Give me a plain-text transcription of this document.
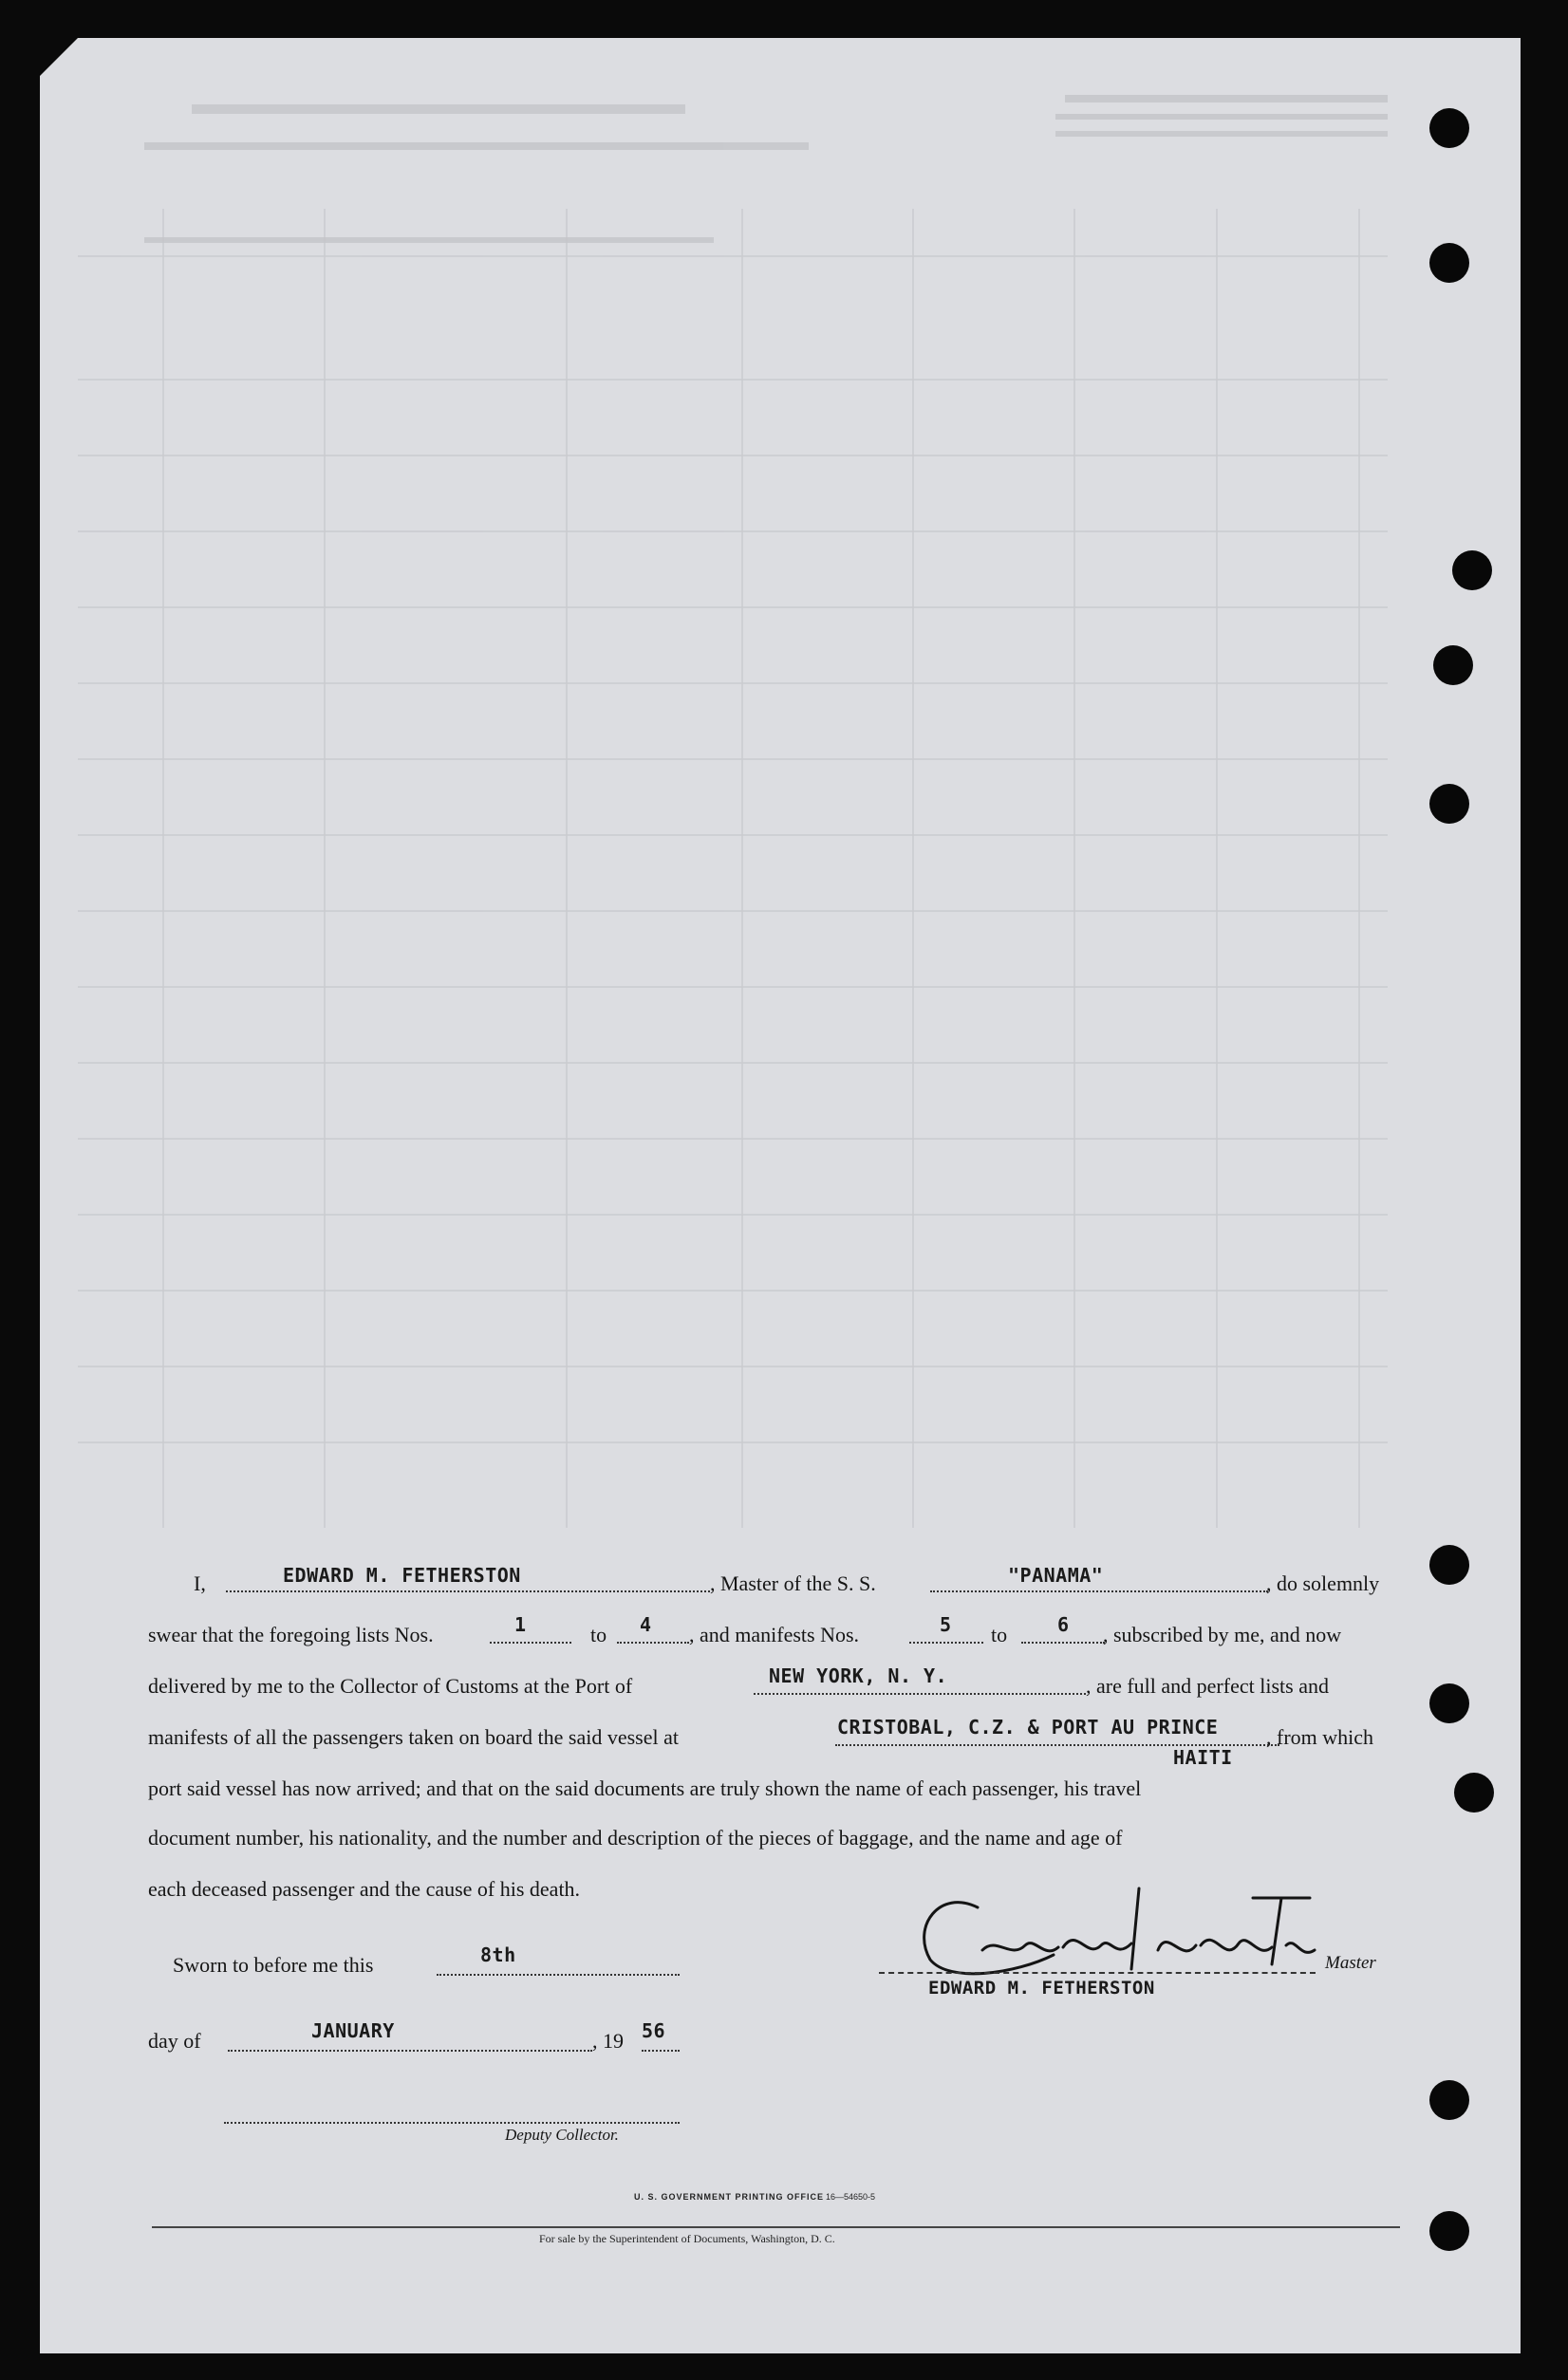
I,	EDWARD M. FETHERSTON	, Master of the S. S.	"PANAMA"	, do solemnly
swear that the foregoing lists Nos.	1	to 4 , and manifests Nos.	5 to	6 , subscribed by me, and now
delivered by me to the Collector of Customs at the Port of	NEW YORK, N. Y.	, are full and perfect lists and
manifests of all the passengers taken on board the said vessel at	CRISTOBAL, C.Z. & PORT AU PRINCE , from which
HAITI
port said vessel has now arrived; and that on the said documents are truly shown the name of each passenger, his travel
document number, his nationality, and the number and description of the pieces of baggage, and the name and age of
each deceased passenger and the cause of his death.
Sworn to before me this	8th
day of	JANUARY	, 19 56
Deputy Collector.
Master
EDWARD M. FETHERSTON
U. S. GOVERNMENT PRINTING OFFICE 16—54650-5
For sale by the Superintendent of Documents, Washington, D. C.
